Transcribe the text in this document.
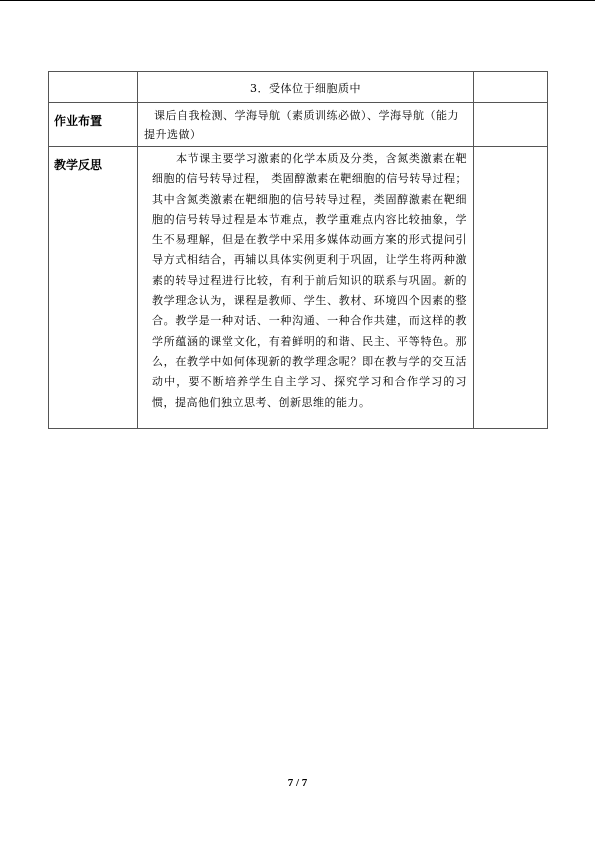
	3．受体位于细胞质中	

作业布置	课后自我检测、学海导航（素质训练必做）、学海导航（能力提升选做）	

教学反思	本节课主要学习激素的化学本质及分类，含氮类激素在靶细胞的信号转导过程， 类固醇激素在靶细胞的信号转导过程；其中含氮类激素在靶细胞的信号转导过程，类固醇激素在靶细胞的信号转导过程是本节难点，教学重难点内容比较抽象，学生不易理解，但是在教学中采用多媒体动画方案的形式提问引导方式相结合，再辅以具体实例更利于巩固，让学生将两种激素的转导过程进行比较，有利于前后知识的联系与巩固。新的教学理念认为，课程是教师、学生、教材、环境四个因素的整合。教学是一种对话、一种沟通、一种合作共建，而这样的教学所蕴涵的课堂文化，有着鲜明的和谐、民主、平等特色。那么，在教学中如何体现新的教学理念呢？即在教与学的交互活动中，要不断培养学生自主学习、探究学习和合作学习的习惯，提高他们独立思考、创新思维的能力。	

7 / 7
